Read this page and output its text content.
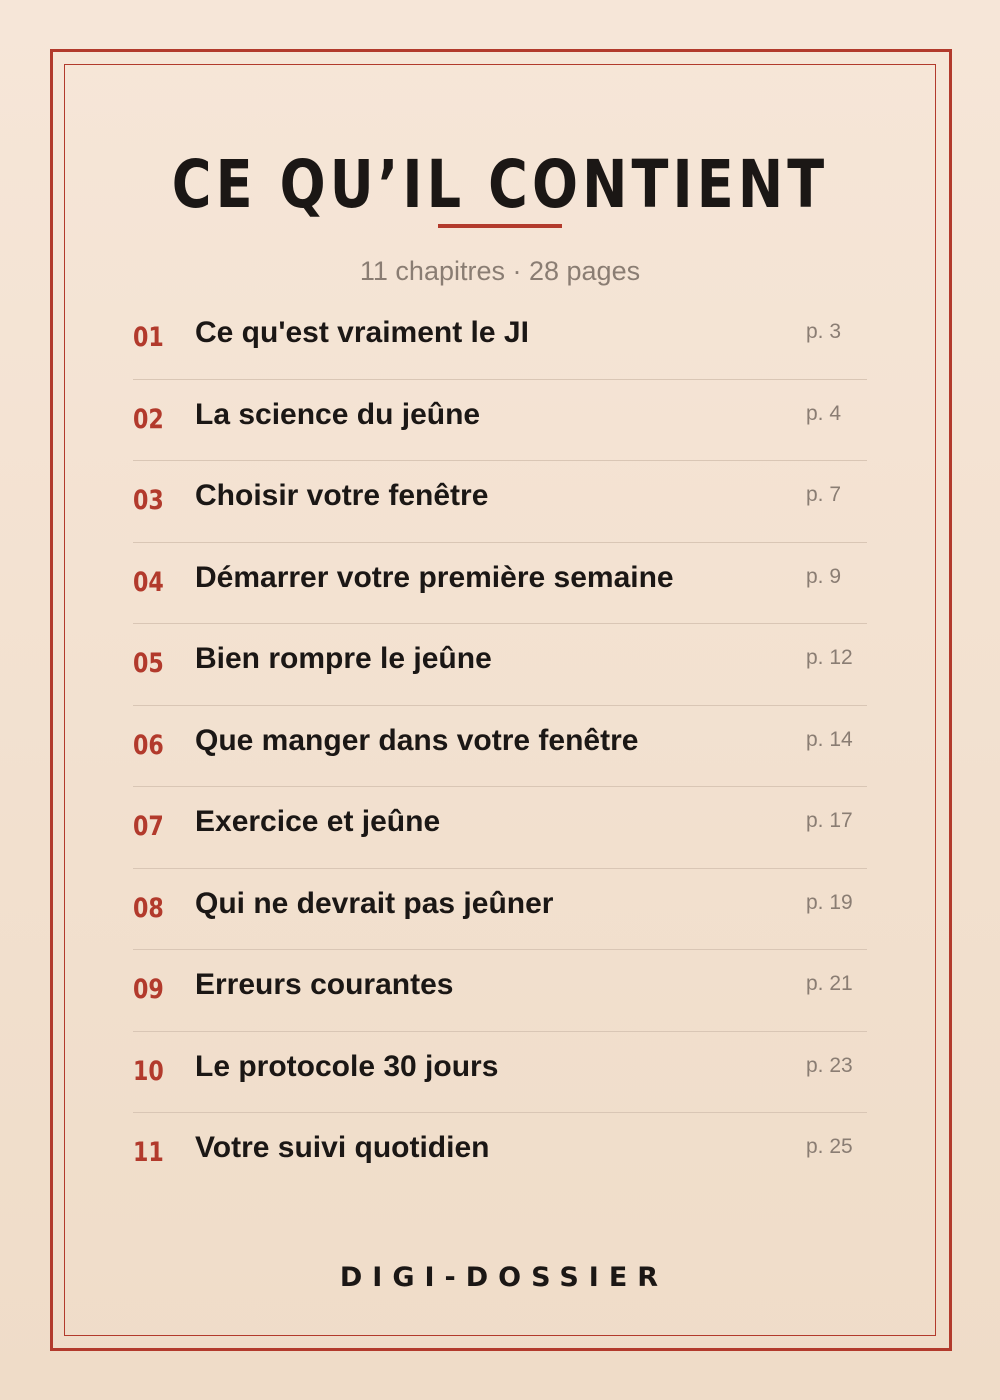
CE QU’IL CONTIENT
11 chapitres · 28 pages
01 Ce qu'est vraiment le JI	p. 3
02 La science du jeûne	p. 4
03 Choisir votre fenêtre	p. 7
04 Démarrer votre première semaine	p. 9
05 Bien rompre le jeûne	p. 12
06 Que manger dans votre fenêtre	p. 14
07 Exercice et jeûne	p. 17
08 Qui ne devrait pas jeûner	p. 19
09 Erreurs courantes	p. 21
10 Le protocole 30 jours	p. 23
11 Votre suivi quotidien	p. 25
DIGI-DOSSIER
